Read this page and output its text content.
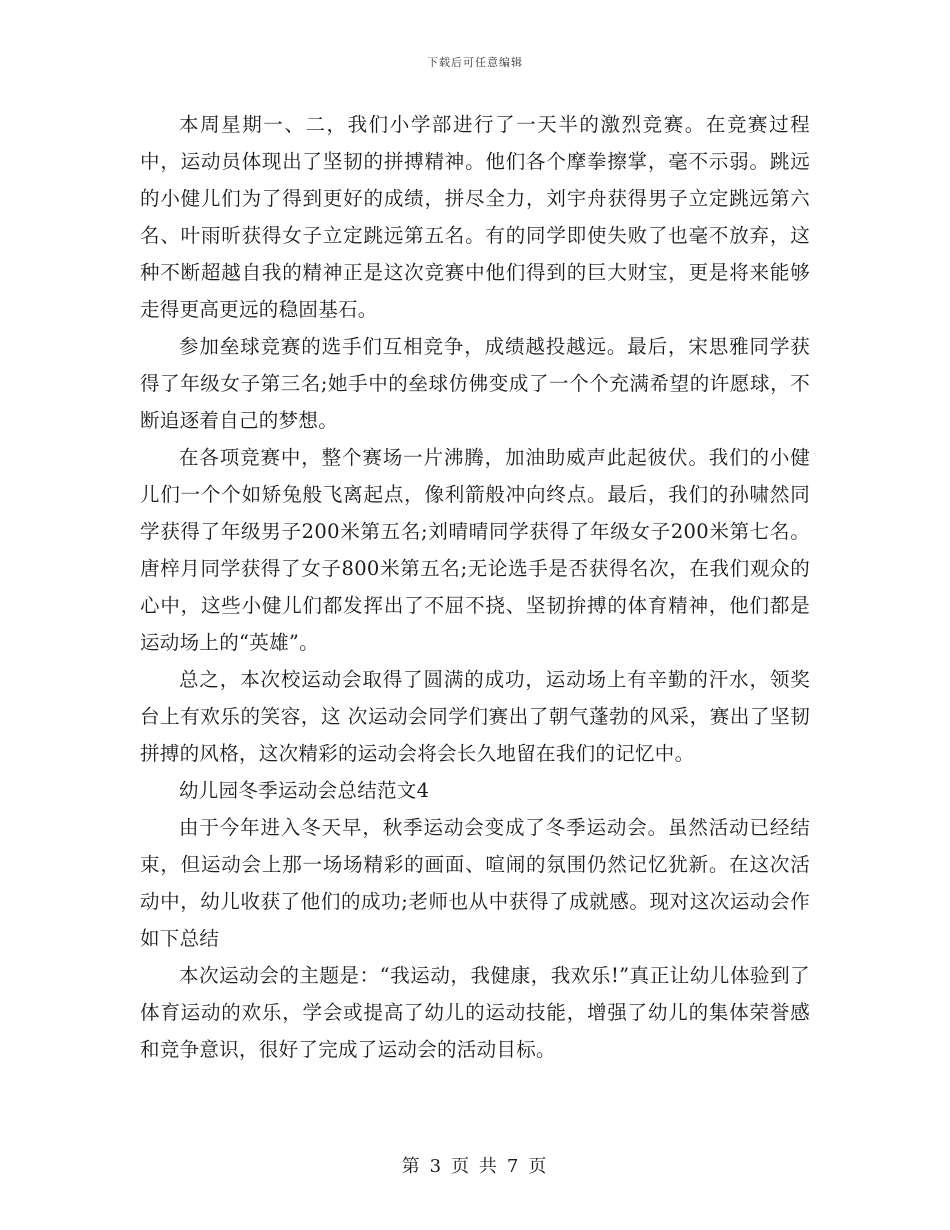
下载后可任意编辑

本周星期一、二，我们小学部进行了一天半的激烈竞赛。在竞赛过程中，运动员体现出了坚韧的拼搏精神。他们各个摩拳擦掌，毫不示弱。跳远的小健儿们为了得到更好的成绩，拼尽全力，刘宇舟获得男子立定跳远第六名、叶雨昕获得女子立定跳远第五名。有的同学即使失败了也毫不放弃，这种不断超越自我的精神正是这次竞赛中他们得到的巨大财宝，更是将来能够走得更高更远的稳固基石。

参加垒球竞赛的选手们互相竞争，成绩越投越远。最后，宋思雅同学获得了年级女子第三名;她手中的垒球仿佛变成了一个个充满希望的许愿球，不断追逐着自己的梦想。

在各项竞赛中，整个赛场一片沸腾，加油助威声此起彼伏。我们的小健儿们一个个如矫兔般飞离起点，像利箭般冲向终点。最后，我们的孙啸然同学获得了年级男子200米第五名;刘晴晴同学获得了年级女子200米第七名。唐梓月同学获得了女子800米第五名;无论选手是否获得名次，在我们观众的心中，这些小健儿们都发挥出了不屈不挠、坚韧拚搏的体育精神，他们都是运动场上的“英雄”。

总之，本次校运动会取得了圆满的成功，运动场上有辛勤的汗水，领奖台上有欢乐的笑容，这 次运动会同学们赛出了朝气蓬勃的风采，赛出了坚韧拼搏的风格，这次精彩的运动会将会长久地留在我们的记忆中。

幼儿园冬季运动会总结范文4

由于今年进入冬天早，秋季运动会变成了冬季运动会。虽然活动已经结束，但运动会上那一场场精彩的画面、喧闹的氛围仍然记忆犹新。在这次活动中，幼儿收获了他们的成功;老师也从中获得了成就感。现对这次运动会作如下总结

本次运动会的主题是：“我运动，我健康，我欢乐!”真正让幼儿体验到了体育运动的欢乐，学会或提高了幼儿的运动技能，增强了幼儿的集体荣誉感和竞争意识，很好了完成了运动会的活动目标。

第 3 页 共 7 页
